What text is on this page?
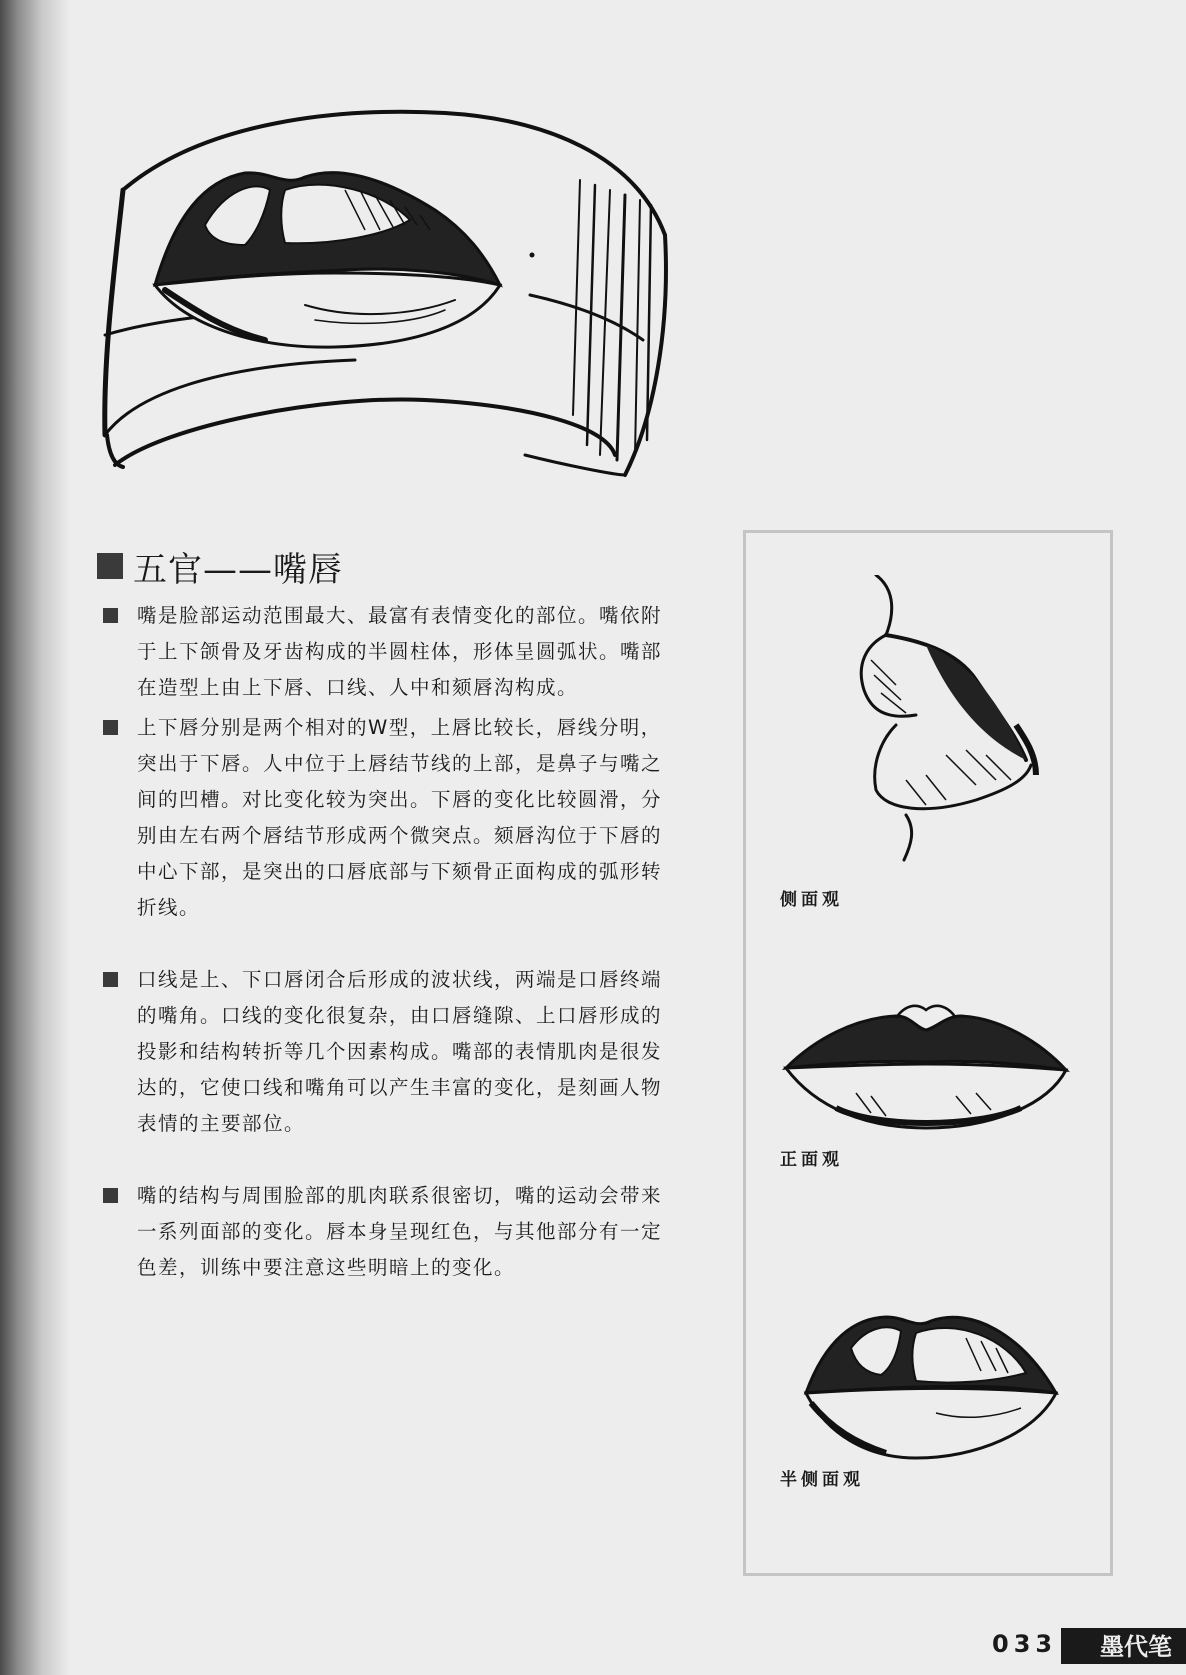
五官——嘴唇
嘴是脸部运动范围最大、最富有表情变化的部位。嘴依附于上下颌骨及牙齿构成的半圆柱体，形体呈圆弧状。嘴部在造型上由上下唇、口线、人中和颏唇沟构成。
上下唇分别是两个相对的W型，上唇比较长，唇线分明，突出于下唇。人中位于上唇结节线的上部，是鼻子与嘴之间的凹槽。对比变化较为突出。下唇的变化比较圆滑，分别由左右两个唇结节形成两个微突点。颏唇沟位于下唇的中心下部，是突出的口唇底部与下颏骨正面构成的弧形转折线。
口线是上、下口唇闭合后形成的波状线，两端是口唇终端的嘴角。口线的变化很复杂，由口唇缝隙、上口唇形成的投影和结构转折等几个因素构成。嘴部的表情肌肉是很发达的，它使口线和嘴角可以产生丰富的变化，是刻画人物表情的主要部位。
嘴的结构与周围脸部的肌肉联系很密切，嘴的运动会带来一系列面部的变化。唇本身呈现红色，与其他部分有一定色差，训练中要注意这些明暗上的变化。
侧面观
正面观
半侧面观
033 墨代笔
